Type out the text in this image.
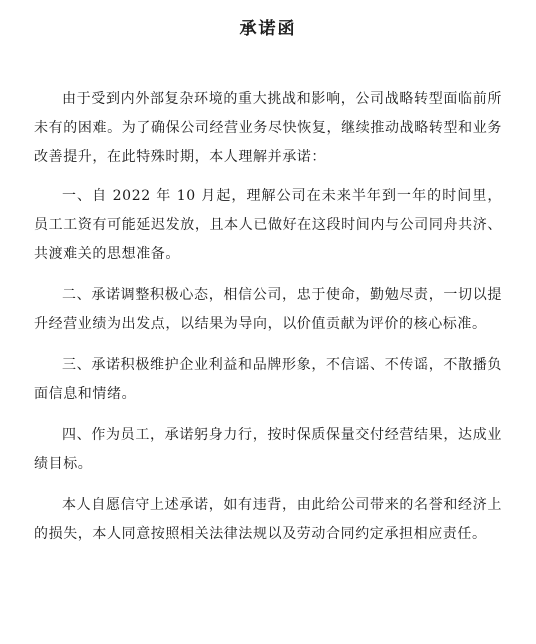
承诺函

由于受到内外部复杂环境的重大挑战和影响，公司战略转型面临前所未有的困难。为了确保公司经营业务尽快恢复，继续推动战略转型和业务改善提升，在此特殊时期，本人理解并承诺：

一、自 2022 年 10 月起，理解公司在未来半年到一年的时间里，员工工资有可能延迟发放，且本人已做好在这段时间内与公司同舟共济、共渡难关的思想准备。

二、承诺调整积极心态，相信公司，忠于使命，勤勉尽责，一切以提升经营业绩为出发点，以结果为导向，以价值贡献为评价的核心标准。

三、承诺积极维护企业利益和品牌形象，不信谣、不传谣，不散播负面信息和情绪。

四、作为员工，承诺躬身力行，按时保质保量交付经营结果，达成业绩目标。

本人自愿信守上述承诺，如有违背，由此给公司带来的名誉和经济上的损失，本人同意按照相关法律法规以及劳动合同约定承担相应责任。
